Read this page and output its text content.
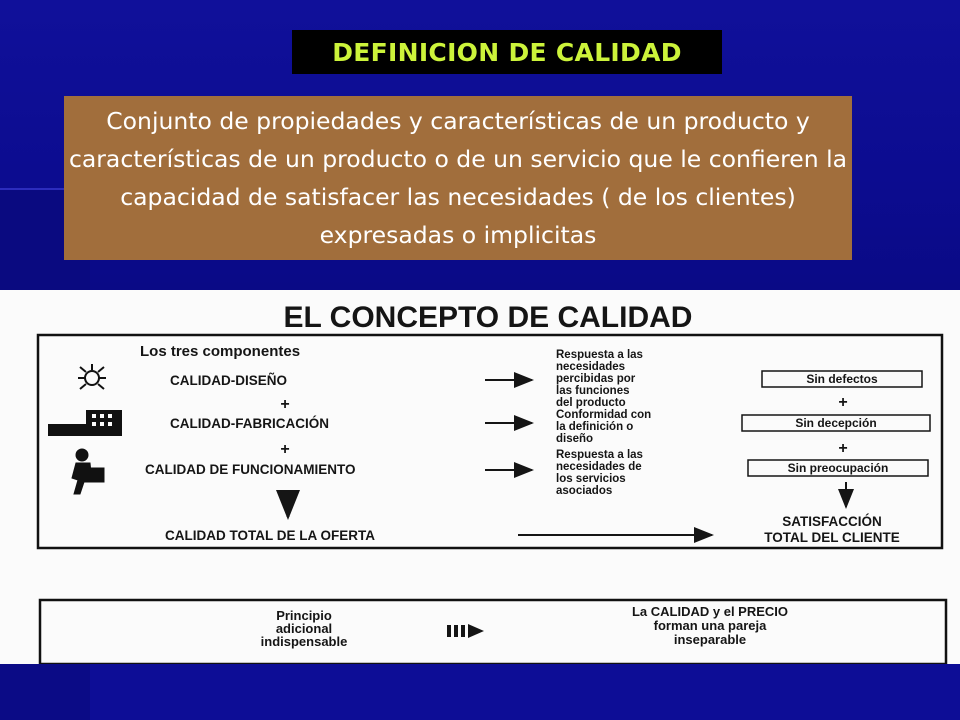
DEFINICION DE CALIDAD

Conjunto de propiedades y características de un producto y características de un producto o de un servicio que le confieren la capacidad de satisfacer las necesidades ( de los clientes) expresadas o implicitas

EL CONCEPTO DE CALIDAD
Los tres componentes
CALIDAD-DISEÑO
+
CALIDAD-FABRICACIÓN
+
CALIDAD DE FUNCIONAMIENTO
Respuesta a las
necesidades
percibidas por
las funciones
del producto
Conformidad con
la definición o
diseño
Respuesta a las
necesidades de
los servicios
asociados
Sin defectos
+
Sin decepción
+
Sin preocupación
CALIDAD TOTAL DE LA OFERTA
SATISFACCIÓN
TOTAL DEL CLIENTE
Principio
adicional
indispensable
La CALIDAD y el PRECIO
forman una pareja
inseparable
